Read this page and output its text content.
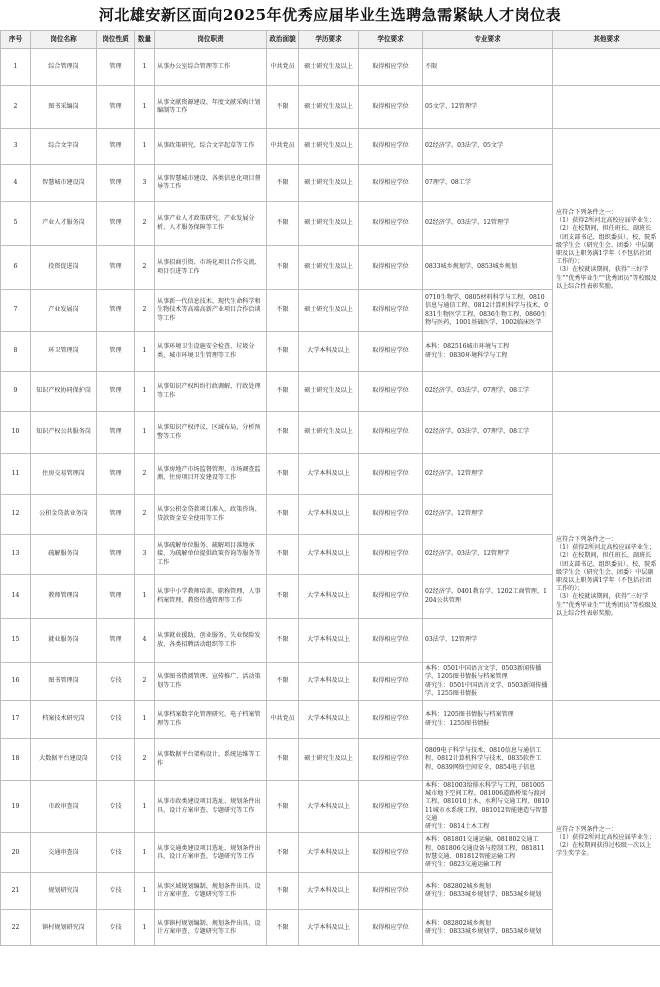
河北雄安新区面向2025年优秀应届毕业生选聘急需紧缺人才岗位表
序号	岗位名称	岗位性质	数量	岗位职责	政治面貌	学历要求	学位要求	专业要求	其他要求
1	综合管理岗	管理	1	从事办公室综合管理等工作	中共党员	硕士研究生及以上	取得相应学位	不限	
2	图书采编岗	管理	1	从事文献资源建设、年度文献采购计划编制等工作	不限	硕士研究生及以上	取得相应学位	05文学、12管理学	
3	综合文字岗	管理	1	从事政策研究、综合文字起草等工作	中共党员	硕士研究生及以上	取得相应学位	02经济学、03法学、05文学	应符合下列条件之一：
（1）获得2所河北高校应届毕业生；
（2）在校期间，担任班长、副班长（团支部书记、组织委员）、校、院系级学生会（研究生会、团委）中层副职及以上职务满1学年（不包括社团工作的）；
（3）在校就读期间，获得“三好学生”“优秀毕业生”“优秀团员”等校级及以上综合性表彰奖励。

4	智慧城市建设岗	管理	3	从事智慧城市建设、各类信息化项目督导等工作	不限	硕士研究生及以上	取得相应学位	07理学、08工学	
5	产业人才服务岗	管理	2	从事产业人才政策研究、产业发展分析、人才服务保障等工作	不限	硕士研究生及以上	取得相应学位	02经济学、03法学、12管理学	
6	投资促进岗	管理	2	从事招商引资、市场化项目合作交流、项目引进等工作	不限	硕士研究生及以上	取得相应学位	0833城乡规划学、0853城乡规划	
7	产业发展岗	管理	2	从事新一代信息技术、现代生命科学和生物技术等高端高新产业项目合作洽谈等工作	不限	硕士研究生及以上	取得相应学位	0710生物学、0805材料科学与工程、0810信息与通信工程、0812计算机科学与技术、0831生物医学工程、0836生物工程、0860生物与医药、1001基础医学、1002临床医学	
8	环卫管理岗	管理	1	从事环境卫生设施安全检查、垃圾分类、城市环境卫生管理等工作	不限	大学本科及以上	取得相应学位	本科：082516城市环境与工程
研究生：0830环境科学与工程	
9	知识产权协同保护岗	管理	1	从事知识产权纠纷行政调解、行政处理等工作	不限	硕士研究生及以上	取得相应学位	02经济学、03法学、07理学、08工学	
10	知识产权公共服务岗	管理	1	从事知识产权评议、区域布局、分析预警等工作	不限	硕士研究生及以上	取得相应学位	02经济学、03法学、07理学、08工学	
11	住房交易管理岗	管理	2	从事房地产市场监督管理、市场调查监测、住房项目开发建设等工作	不限	大学本科及以上	取得相应学位	02经济学、12管理学	应符合下列条件之一：
（1）获得2所河北高校应届毕业生；
（2）在校期间，担任班长、副班长（团支部书记、组织委员）、校、院系级学生会（研究生会、团委）中层副职及以上职务满1学年（不包括社团工作的）；
（3）在校就读期间，获得“三好学生”“优秀毕业生”“优秀团员”等校级及以上综合性表彰奖励。

12	公积金贷款业务岗	管理	2	从事公积金贷款项目准入、政策咨询、贷款资金安全使用等工作	不限	大学本科及以上	取得相应学位	02经济学、12管理学	
13	疏解服务岗	管理	3	从事疏解单位服务、疏解项目落地承接，为疏解单位提供政策咨询等服务等工作	不限	大学本科及以上	取得相应学位	02经济学、03法学、12管理学	
14	教师管理岗	管理	1	从事中小学教师培训、职称管理、人事档案管理、教资待遇管理等工作	不限	大学本科及以上	取得相应学位	02经济学、0401教育学、1202工商管理、1204公共管理	
15	就业服务岗	管理	4	从事就业援助、创业服务、失业保险发放、各类招聘活动组织等工作	不限	大学本科及以上	取得相应学位	03法学、12管理学	
16	图书管理岗	专技	2	从事图书借阅管理、宣传推广、活动策划等工作	不限	大学本科及以上	取得相应学位	本科：0501中国语言文学、0503新闻传播学、1205图书情报与档案管理
研究生：0501中国语言文学、0503新闻传播学、1255图书情报	
17	档案技术研究岗	专技	1	从事档案数字化管理研究、电子档案管理等工作	中共党员	大学本科及以上	取得相应学位	本科：1205图书情报与档案管理
研究生：1255图书情报	
18	大数据平台建设岗	专技	2	从事数据平台架构设计、系统运维等工作	不限	硕士研究生及以上	取得相应学位	0809电子科学与技术、0810信息与通信工程、0812计算机科学与技术、0835软件工程、0839网络空间安全、0854电子信息	应符合下列条件之一：
（1）获得2所河北高校应届毕业生；
（2）在校期间获得过校级一次以上学生奖学金。

19	市政审查岗	专技	1	从事市政类建设项目选址、规划条件出具、设计方案审查、专题研究等工作	不限	大学本科及以上	取得相应学位	本科：081003给排水科学与工程、081005城市地下空间工程、081006道路桥梁与渡河工程、081010土木、水利与交通工程、081011城市水系统工程、081012智能建造与智慧交通
研究生：0814土木工程	
20	交通审查岗	专技	1	从事交通类建设项目选址、规划条件出具、设计方案审查、专题研究等工作	不限	大学本科及以上	取得相应学位	本科：081801交通运输、081802交通工程、081806交通设备与控制工程、081811智慧交通、081812智能运输工程
研究生：0823交通运输工程	
21	规划研究岗	专技	1	从事区域规划编制、规划条件出具、设计方案审查、专题研究等工作	不限	大学本科及以上	取得相应学位	本科：082802城乡规划
研究生：0833城乡规划学、0853城乡规划	
22	镇村规划研究岗	专技	1	从事镇村规划编制、规划条件出具、设计方案审查、专题研究等工作	不限	大学本科及以上	取得相应学位	本科：082802城乡规划
研究生：0833城乡规划学、0853城乡规划	
